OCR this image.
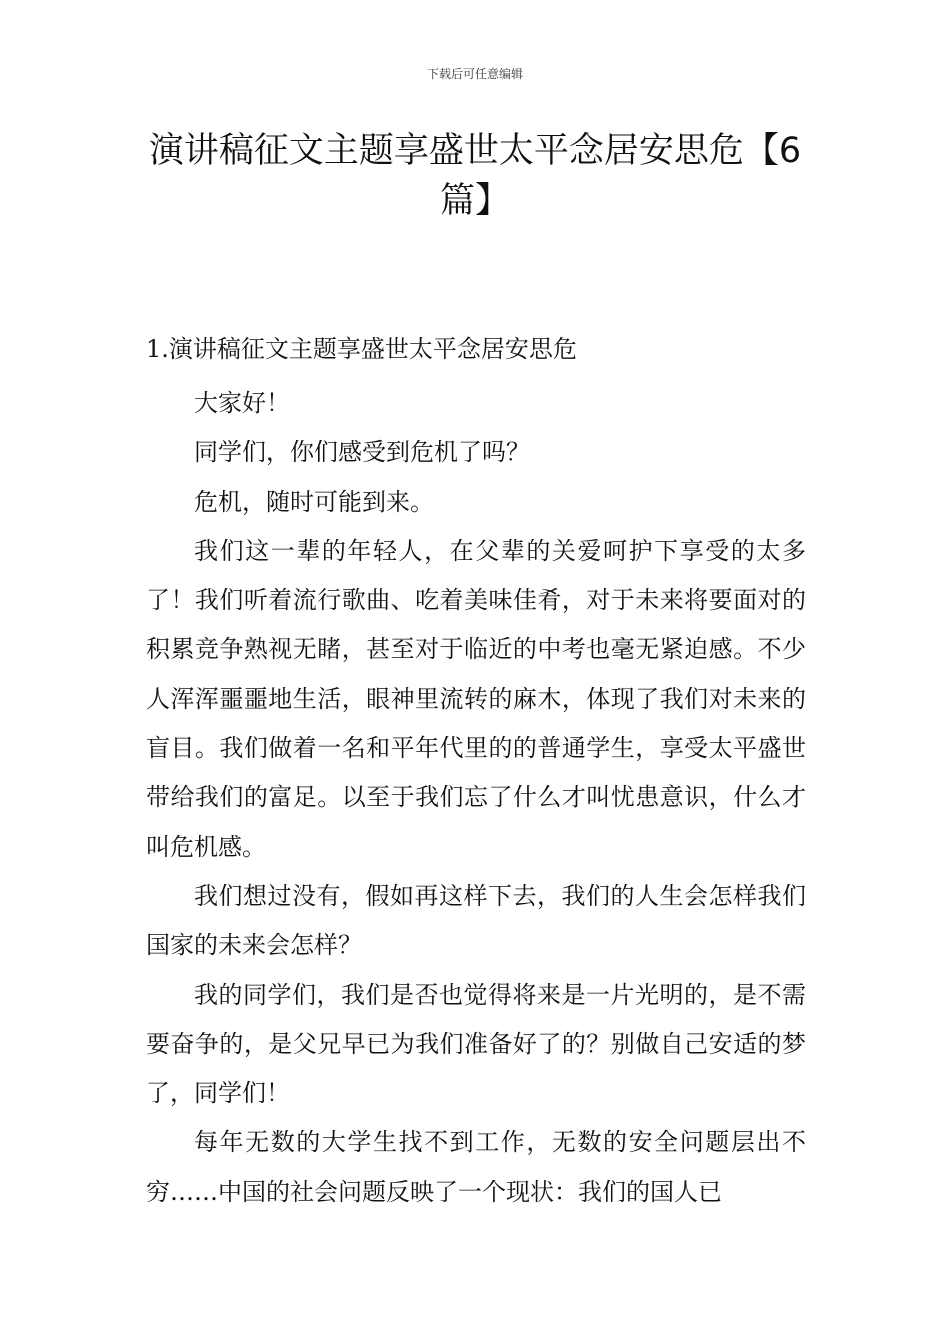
下载后可任意编辑
演讲稿征文主题享盛世太平念居安思危【6篇】
1.演讲稿征文主题享盛世太平念居安思危

大家好！

同学们，你们感受到危机了吗？

危机，随时可能到来。

我们这一辈的年轻人，在父辈的关爱呵护下享受的太多了！我们听着流行歌曲、吃着美味佳肴，对于未来将要面对的积累竞争熟视无睹，甚至对于临近的中考也毫无紧迫感。不少人浑浑噩噩地生活，眼神里流转的麻木，体现了我们对未来的盲目。我们做着一名和平年代里的的普通学生，享受太平盛世带给我们的富足。以至于我们忘了什么才叫忧患意识，什么才叫危机感。

我们想过没有，假如再这样下去，我们的人生会怎样我们国家的未来会怎样？

我的同学们，我们是否也觉得将来是一片光明的，是不需要奋争的，是父兄早已为我们准备好了的？别做自己安适的梦了，同学们！

每年无数的大学生找不到工作，无数的安全问题层出不穷……中国的社会问题反映了一个现状：我们的国人已
